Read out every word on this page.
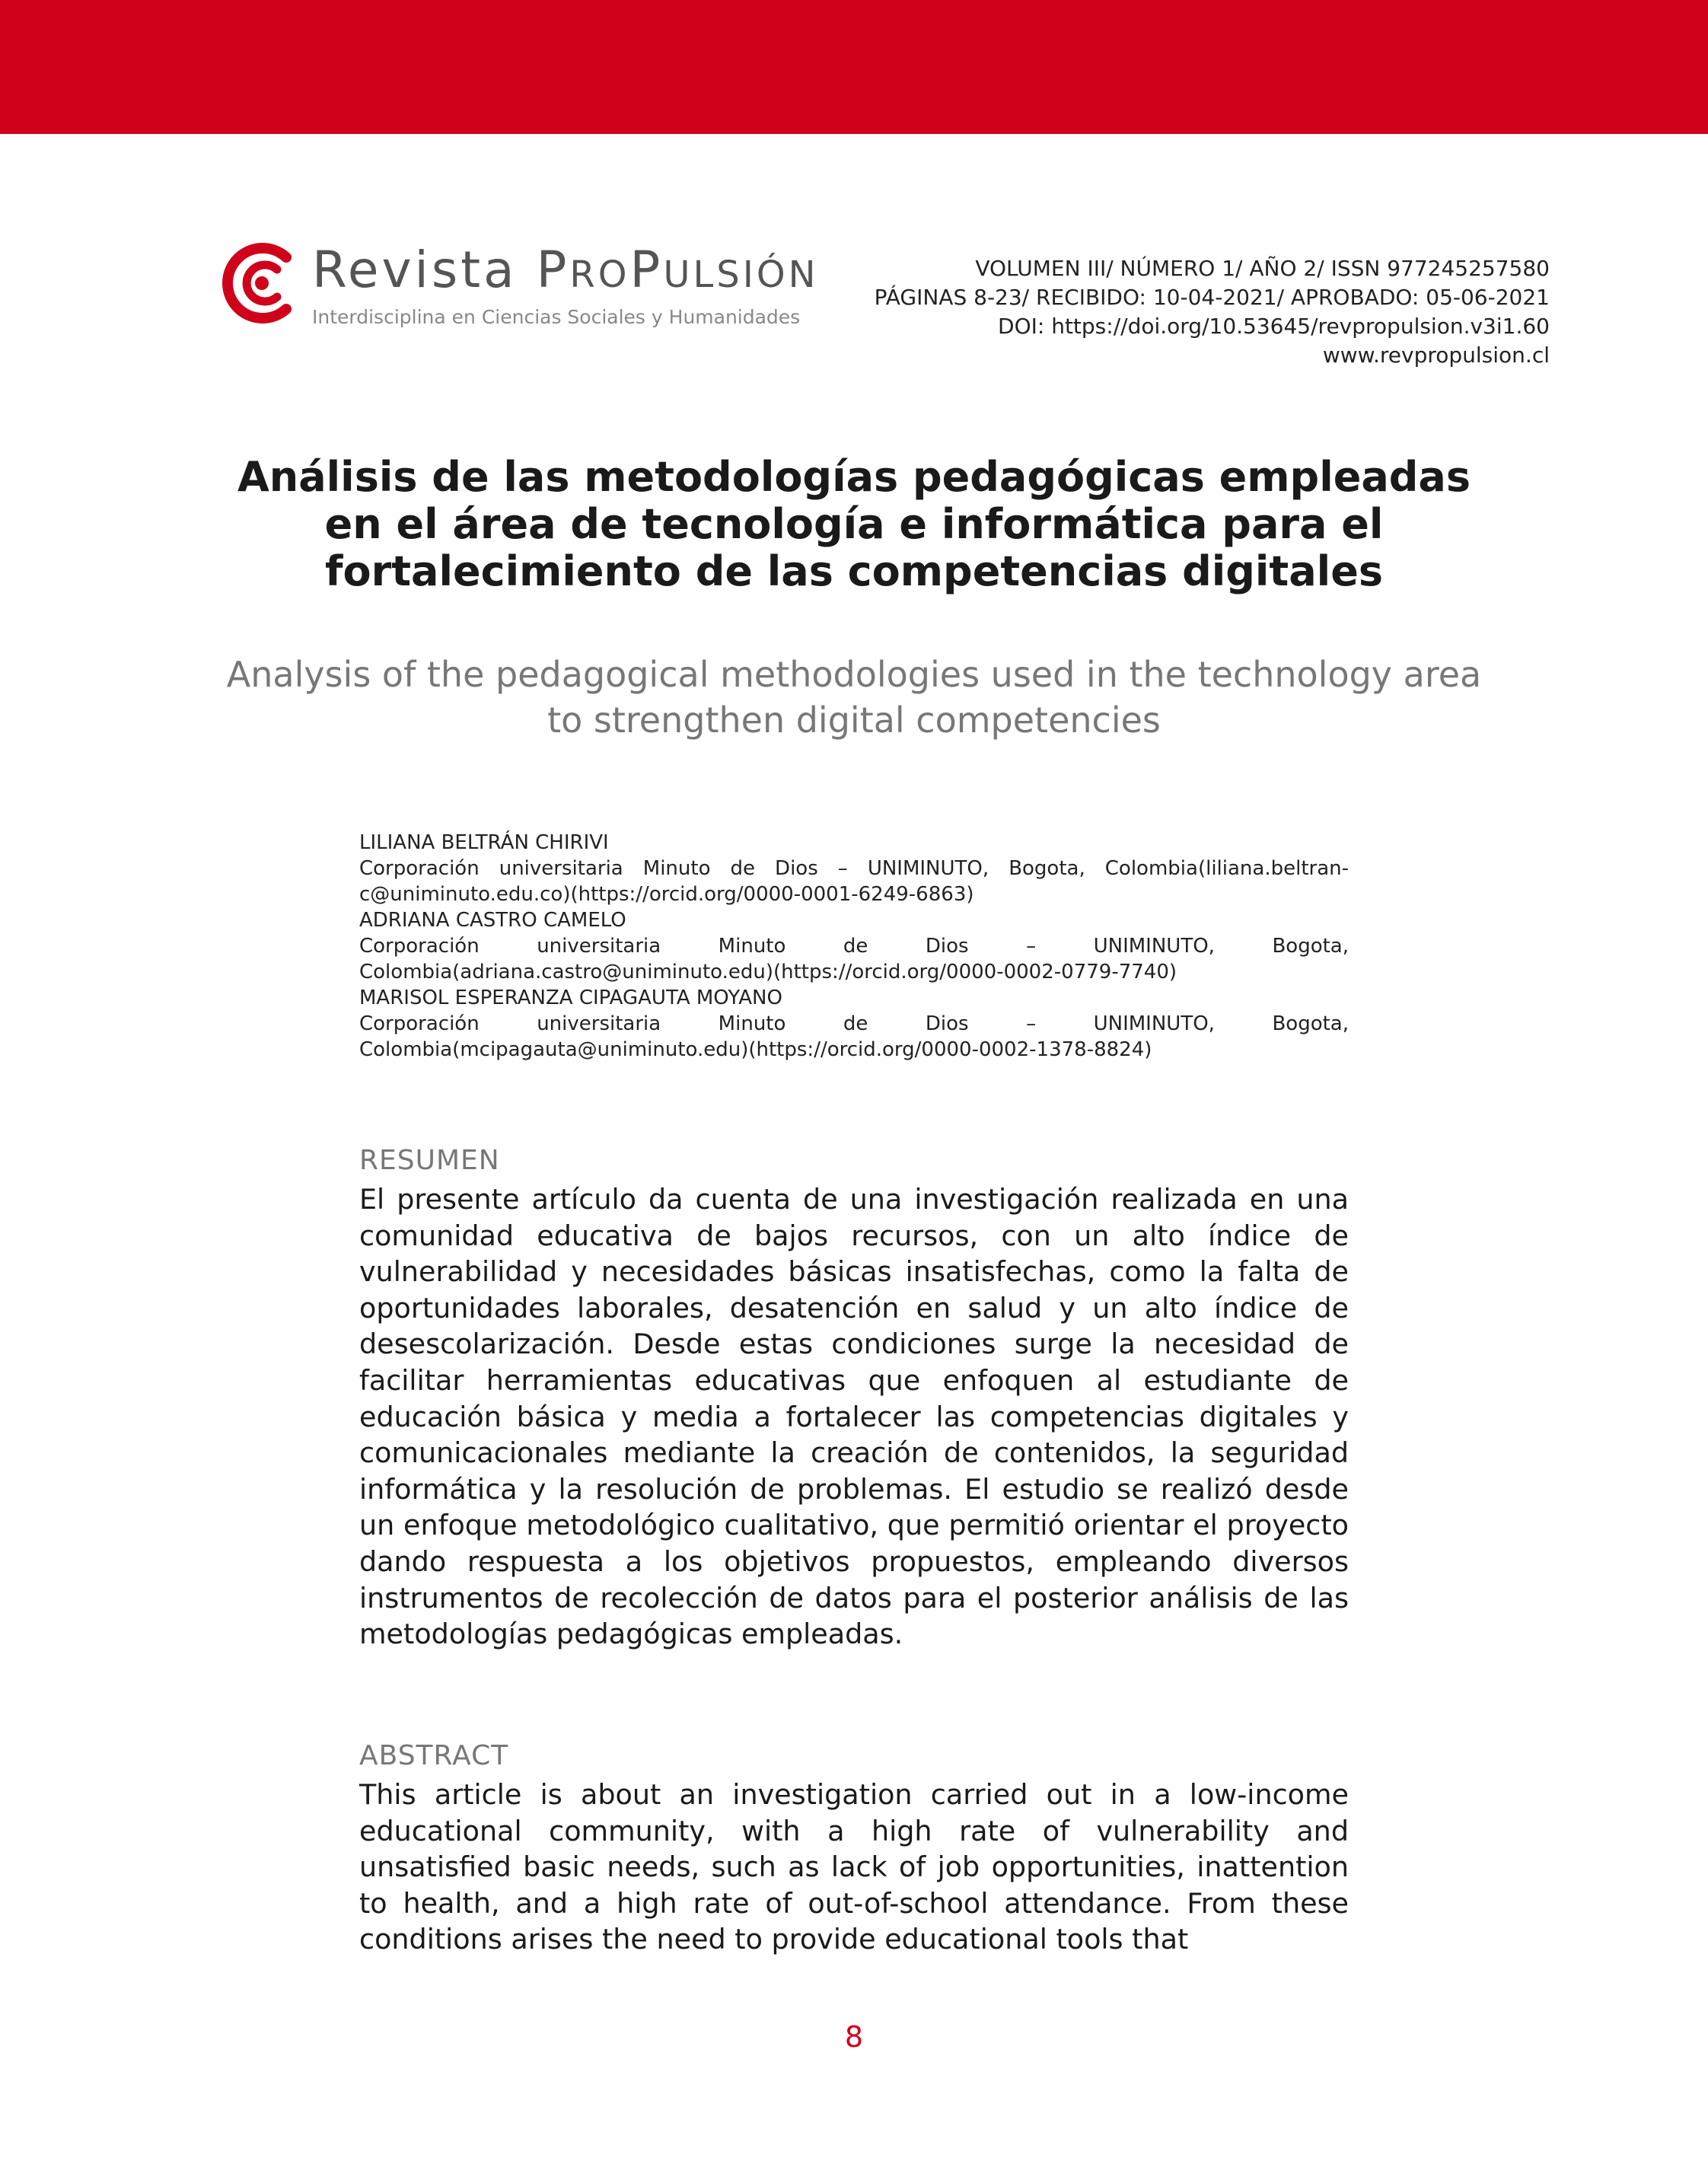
Revista PROPULSIÓN
Interdisciplina en Ciencias Sociales y Humanidades
VOLUMEN III/ NÚMERO 1/ AÑO 2/ ISSN 977245257580
PÁGINAS 8-23/ RECIBIDO: 10-04-2021/ APROBADO: 05-06-2021
DOI: https://doi.org/10.53645/revpropulsion.v3i1.60
www.revpropulsion.cl
Análisis de las metodologías pedagógicas empleadas en el área de tecnología e informática para el fortalecimiento de las competencias digitales
Analysis of the pedagogical methodologies used in the technology area to strengthen digital competencies

LILIANA BELTRÁN CHIRIVI

Corporación universitaria Minuto de Dios – UNIMINUTO, Bogota, Colombia(liliana.beltran-c@uniminuto.edu.co)(https://orcid.org/0000-0001-6249-6863)

ADRIANA CASTRO CAMELO

Corporación universitaria Minuto de Dios – UNIMINUTO, Bogota, Colombia(adriana.castro@uniminuto.edu)(https://orcid.org/0000-0002-0779-7740)

MARISOL ESPERANZA CIPAGAUTA MOYANO

Corporación universitaria Minuto de Dios – UNIMINUTO, Bogota, Colombia(mcipagauta@uniminuto.edu)(https://orcid.org/0000-0002-1378-8824)

RESUMEN
El presente artículo da cuenta de una investigación realizada en una comunidad educativa de bajos recursos, con un alto índice de vulnerabilidad y necesidades básicas insatisfechas, como la falta de oportunidades laborales, desatención en salud y un alto índice de desescolarización. Desde estas condiciones surge la necesidad de facilitar herramientas educativas que enfoquen al estudiante de educación básica y media a fortalecer las competencias digitales y comunicacionales mediante la creación de contenidos, la seguridad informática y la resolución de problemas. El estudio se realizó desde un enfoque metodológico cualitativo, que permitió orientar el proyecto dando respuesta a los objetivos propuestos, empleando diversos instrumentos de recolección de datos para el posterior análisis de las metodologías pedagógicas empleadas.
ABSTRACT
This article is about an investigation carried out in a low-income educational community, with a high rate of vulnerability and unsatisfied basic needs, such as lack of job opportunities, inattention to health, and a high rate of out-of-school attendance. From these conditions arises the need to provide educational tools that
8
